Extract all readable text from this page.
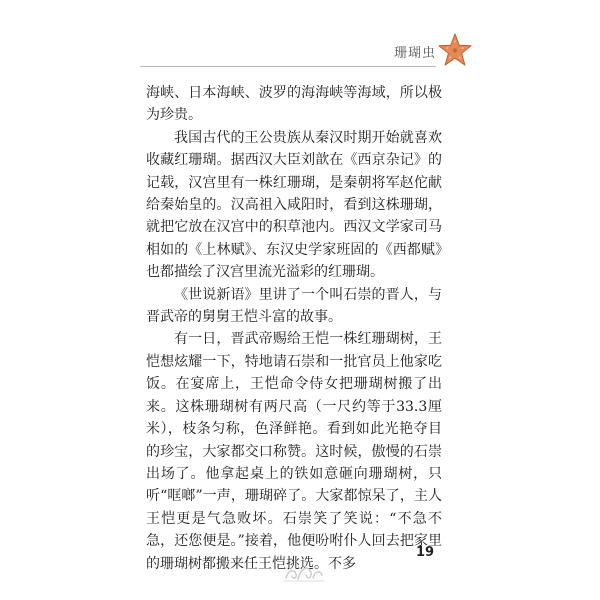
珊瑚虫

海峡、日本海峡、波罗的海海峡等海域，所以极为珍贵。

我国古代的王公贵族从秦汉时期开始就喜欢收藏红珊瑚。据西汉大臣刘歆在《西京杂记》的记载，汉宫里有一株红珊瑚，是秦朝将军赵佗献给秦始皇的。汉高祖入咸阳时，看到这株珊瑚，就把它放在汉宫中的积草池内。西汉文学家司马相如的《上林赋》、东汉史学家班固的《西都赋》也都描绘了汉宫里流光溢彩的红珊瑚。

《世说新语》里讲了一个叫石崇的晋人，与晋武帝的舅舅王恺斗富的故事。

有一日，晋武帝赐给王恺一株红珊瑚树，王恺想炫耀一下，特地请石崇和一批官员上他家吃饭。在宴席上，王恺命令侍女把珊瑚树搬了出来。这株珊瑚树有两尺高（一尺约等于33.3厘米），枝条匀称，色泽鲜艳。看到如此光艳夺目的珍宝，大家都交口称赞。这时候，傲慢的石崇出场了。他拿起桌上的铁如意砸向珊瑚树，只听“哐啷”一声，珊瑚碎了。大家都惊呆了，主人王恺更是气急败坏。石崇笑了笑说：“不急不急，还您便是。”接着，他便吩咐仆人回去把家里的珊瑚树都搬来任王恺挑选。不多

19
